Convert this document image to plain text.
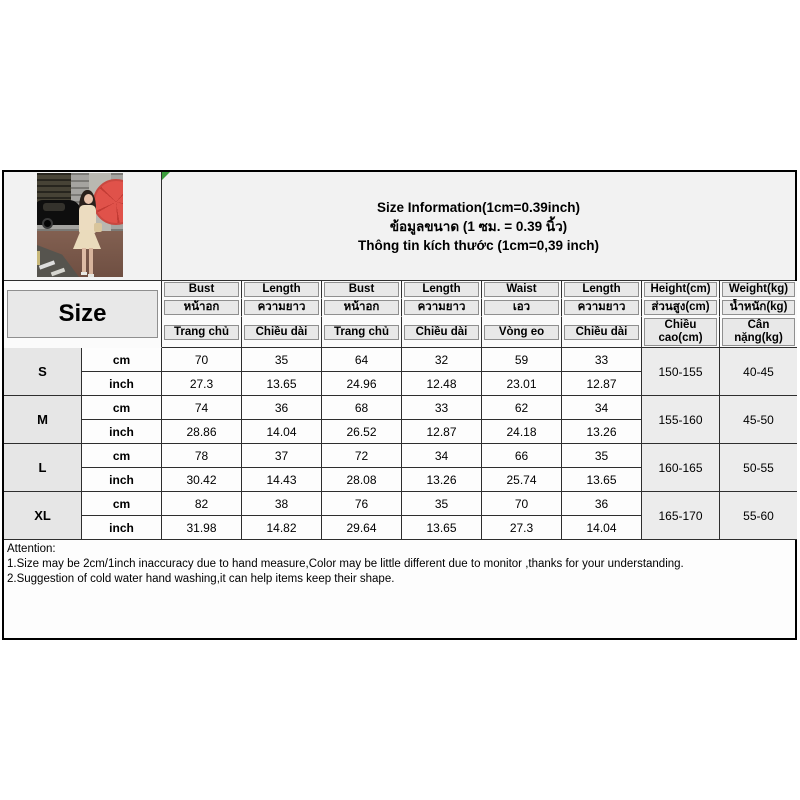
Size Information(1cm=0.39inch)
ข้อมูลขนาด (1 ซม. = 0.39 นิ้ว)
Thông tin kích thước (1cm=0,39 inch)
Size		Bust	Length	Bust	Length	Waist	Length	Height(cm)	Weight(kg)

		หน้าอก	ความยาว	หน้าอก	ความยาว	เอว	ความยาว	ส่วนสูง(cm)	น้ำหนัก(kg)

		Trang chủ	Chiều dài	Trang chủ	Chiều dài	Vòng eo	Chiều dài	Chiều cao(cm)	Cân nặng(kg)

S	cm	70	35	64	32	59	33	150-155	40-45
	inch	27.3	13.65	24.96	12.48	23.01	12.87		
M	cm	74	36	68	33	62	34	155-160	45-50
	inch	28.86	14.04	26.52	12.87	24.18	13.26		
L	cm	78	37	72	34	66	35	160-165	50-55
	inch	30.42	14.43	28.08	13.26	25.74	13.65		
XL	cm	82	38	76	35	70	36	165-170	55-60
	inch	31.98	14.82	29.64	13.65	27.3	14.04		
Attention:
1.Size may be 2cm/1inch inaccuracy due to hand measure,Color may be little different due to monitor ,thanks for your understanding.
2.Suggestion of cold water hand washing,it can help items keep their shape.
